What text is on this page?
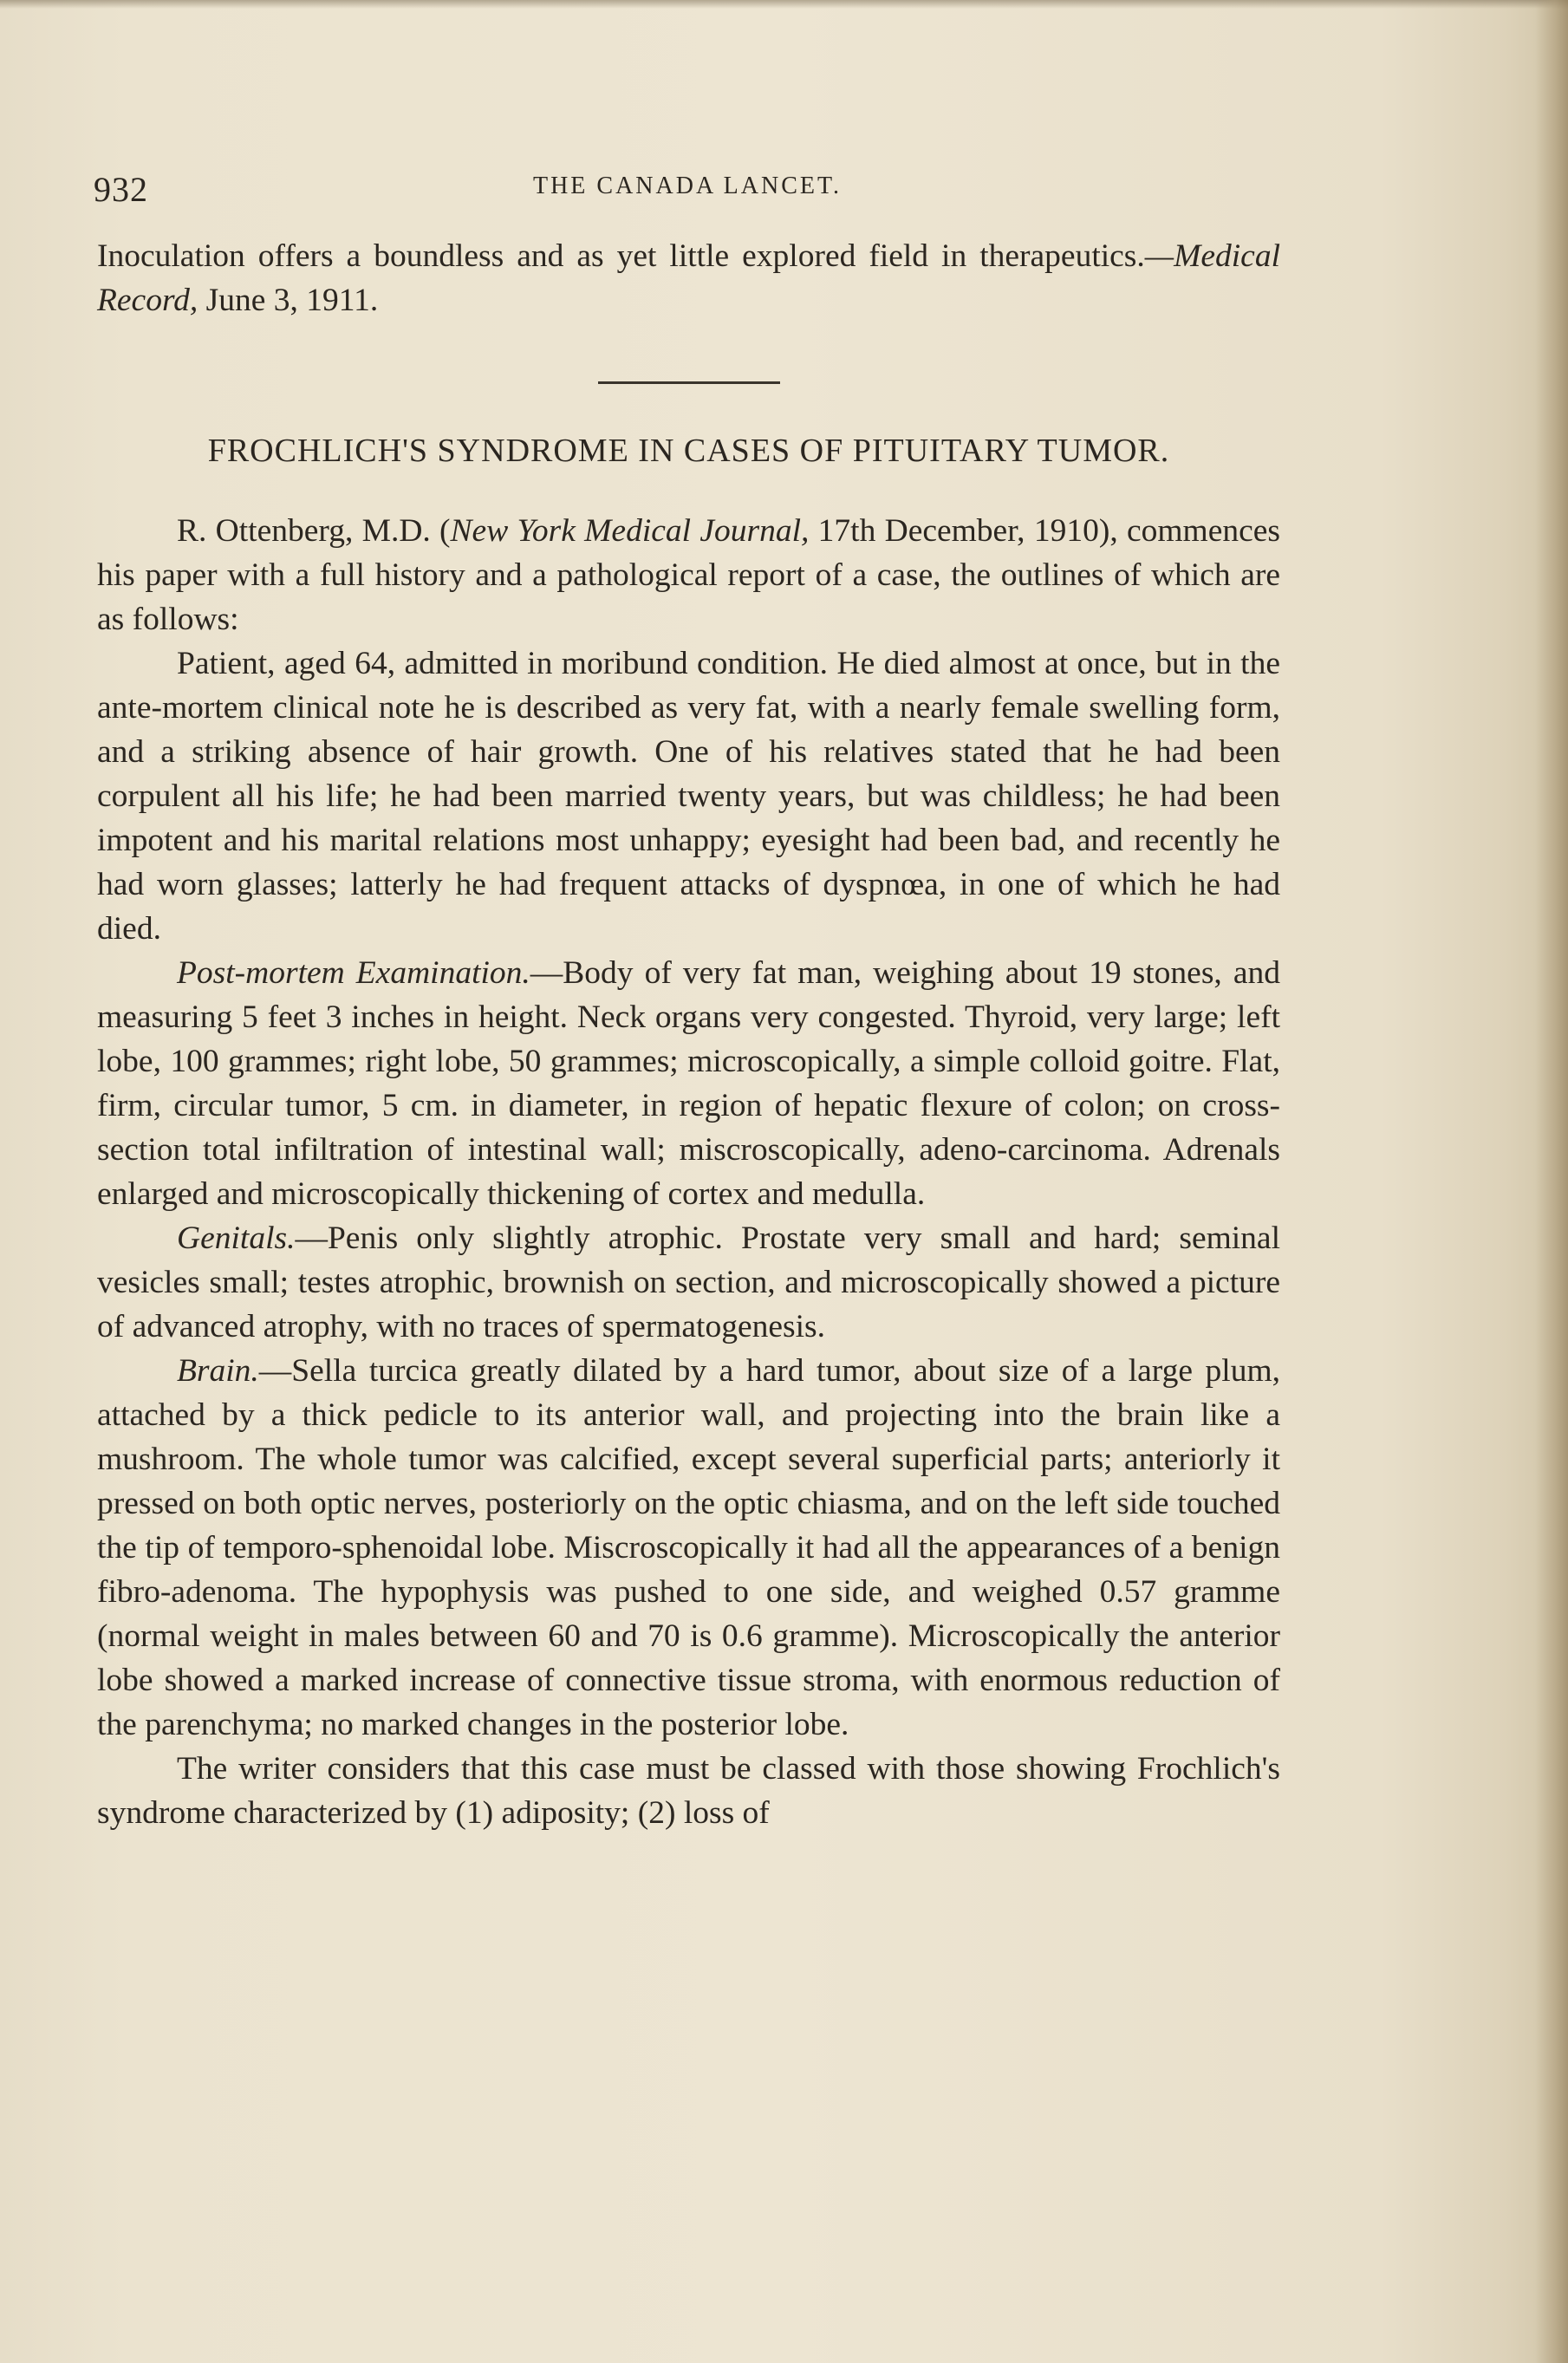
932	THE CANADA LANCET.

Inoculation offers a boundless and as yet little explored field in therapeutics.—Medical Record, June 3, 1911.

FROCHLICH'S SYNDROME IN CASES OF PITUITARY TUMOR.

R. Ottenberg, M.D. (New York Medical Journal, 17th December, 1910), commences his paper with a full history and a pathological report of a case, the outlines of which are as follows:

Patient, aged 64, admitted in moribund condition. He died almost at once, but in the ante-mortem clinical note he is described as very fat, with a nearly female swelling form, and a striking absence of hair growth. One of his relatives stated that he had been corpulent all his life; he had been married twenty years, but was childless; he had been impotent and his marital relations most unhappy; eyesight had been bad, and recently he had worn glasses; latterly he had frequent attacks of dyspnœa, in one of which he had died.

Post-mortem Examination.—Body of very fat man, weighing about 19 stones, and measuring 5 feet 3 inches in height. Neck organs very congested. Thyroid, very large; left lobe, 100 grammes; right lobe, 50 grammes; microscopically, a simple colloid goitre. Flat, firm, circular tumor, 5 cm. in diameter, in region of hepatic flexure of colon; on cross-section total infiltration of intestinal wall; miscroscopically, adeno-carcinoma. Adrenals enlarged and microscopically thickening of cortex and medulla.

Genitals.—Penis only slightly atrophic. Prostate very small and hard; seminal vesicles small; testes atrophic, brownish on section, and microscopically showed a picture of advanced atrophy, with no traces of spermatogenesis.

Brain.—Sella turcica greatly dilated by a hard tumor, about size of a large plum, attached by a thick pedicle to its anterior wall, and projecting into the brain like a mushroom. The whole tumor was calcified, except several superficial parts; anteriorly it pressed on both optic nerves, posteriorly on the optic chiasma, and on the left side touched the tip of temporo-sphenoidal lobe. Miscroscopically it had all the appearances of a benign fibro-adenoma. The hypophysis was pushed to one side, and weighed 0.57 gramme (normal weight in males between 60 and 70 is 0.6 gramme). Microscopically the anterior lobe showed a marked increase of connective tissue stroma, with enormous reduction of the parenchyma; no marked changes in the posterior lobe.

The writer considers that this case must be classed with those showing Frochlich's syndrome characterized by (1) adiposity; (2) loss of
